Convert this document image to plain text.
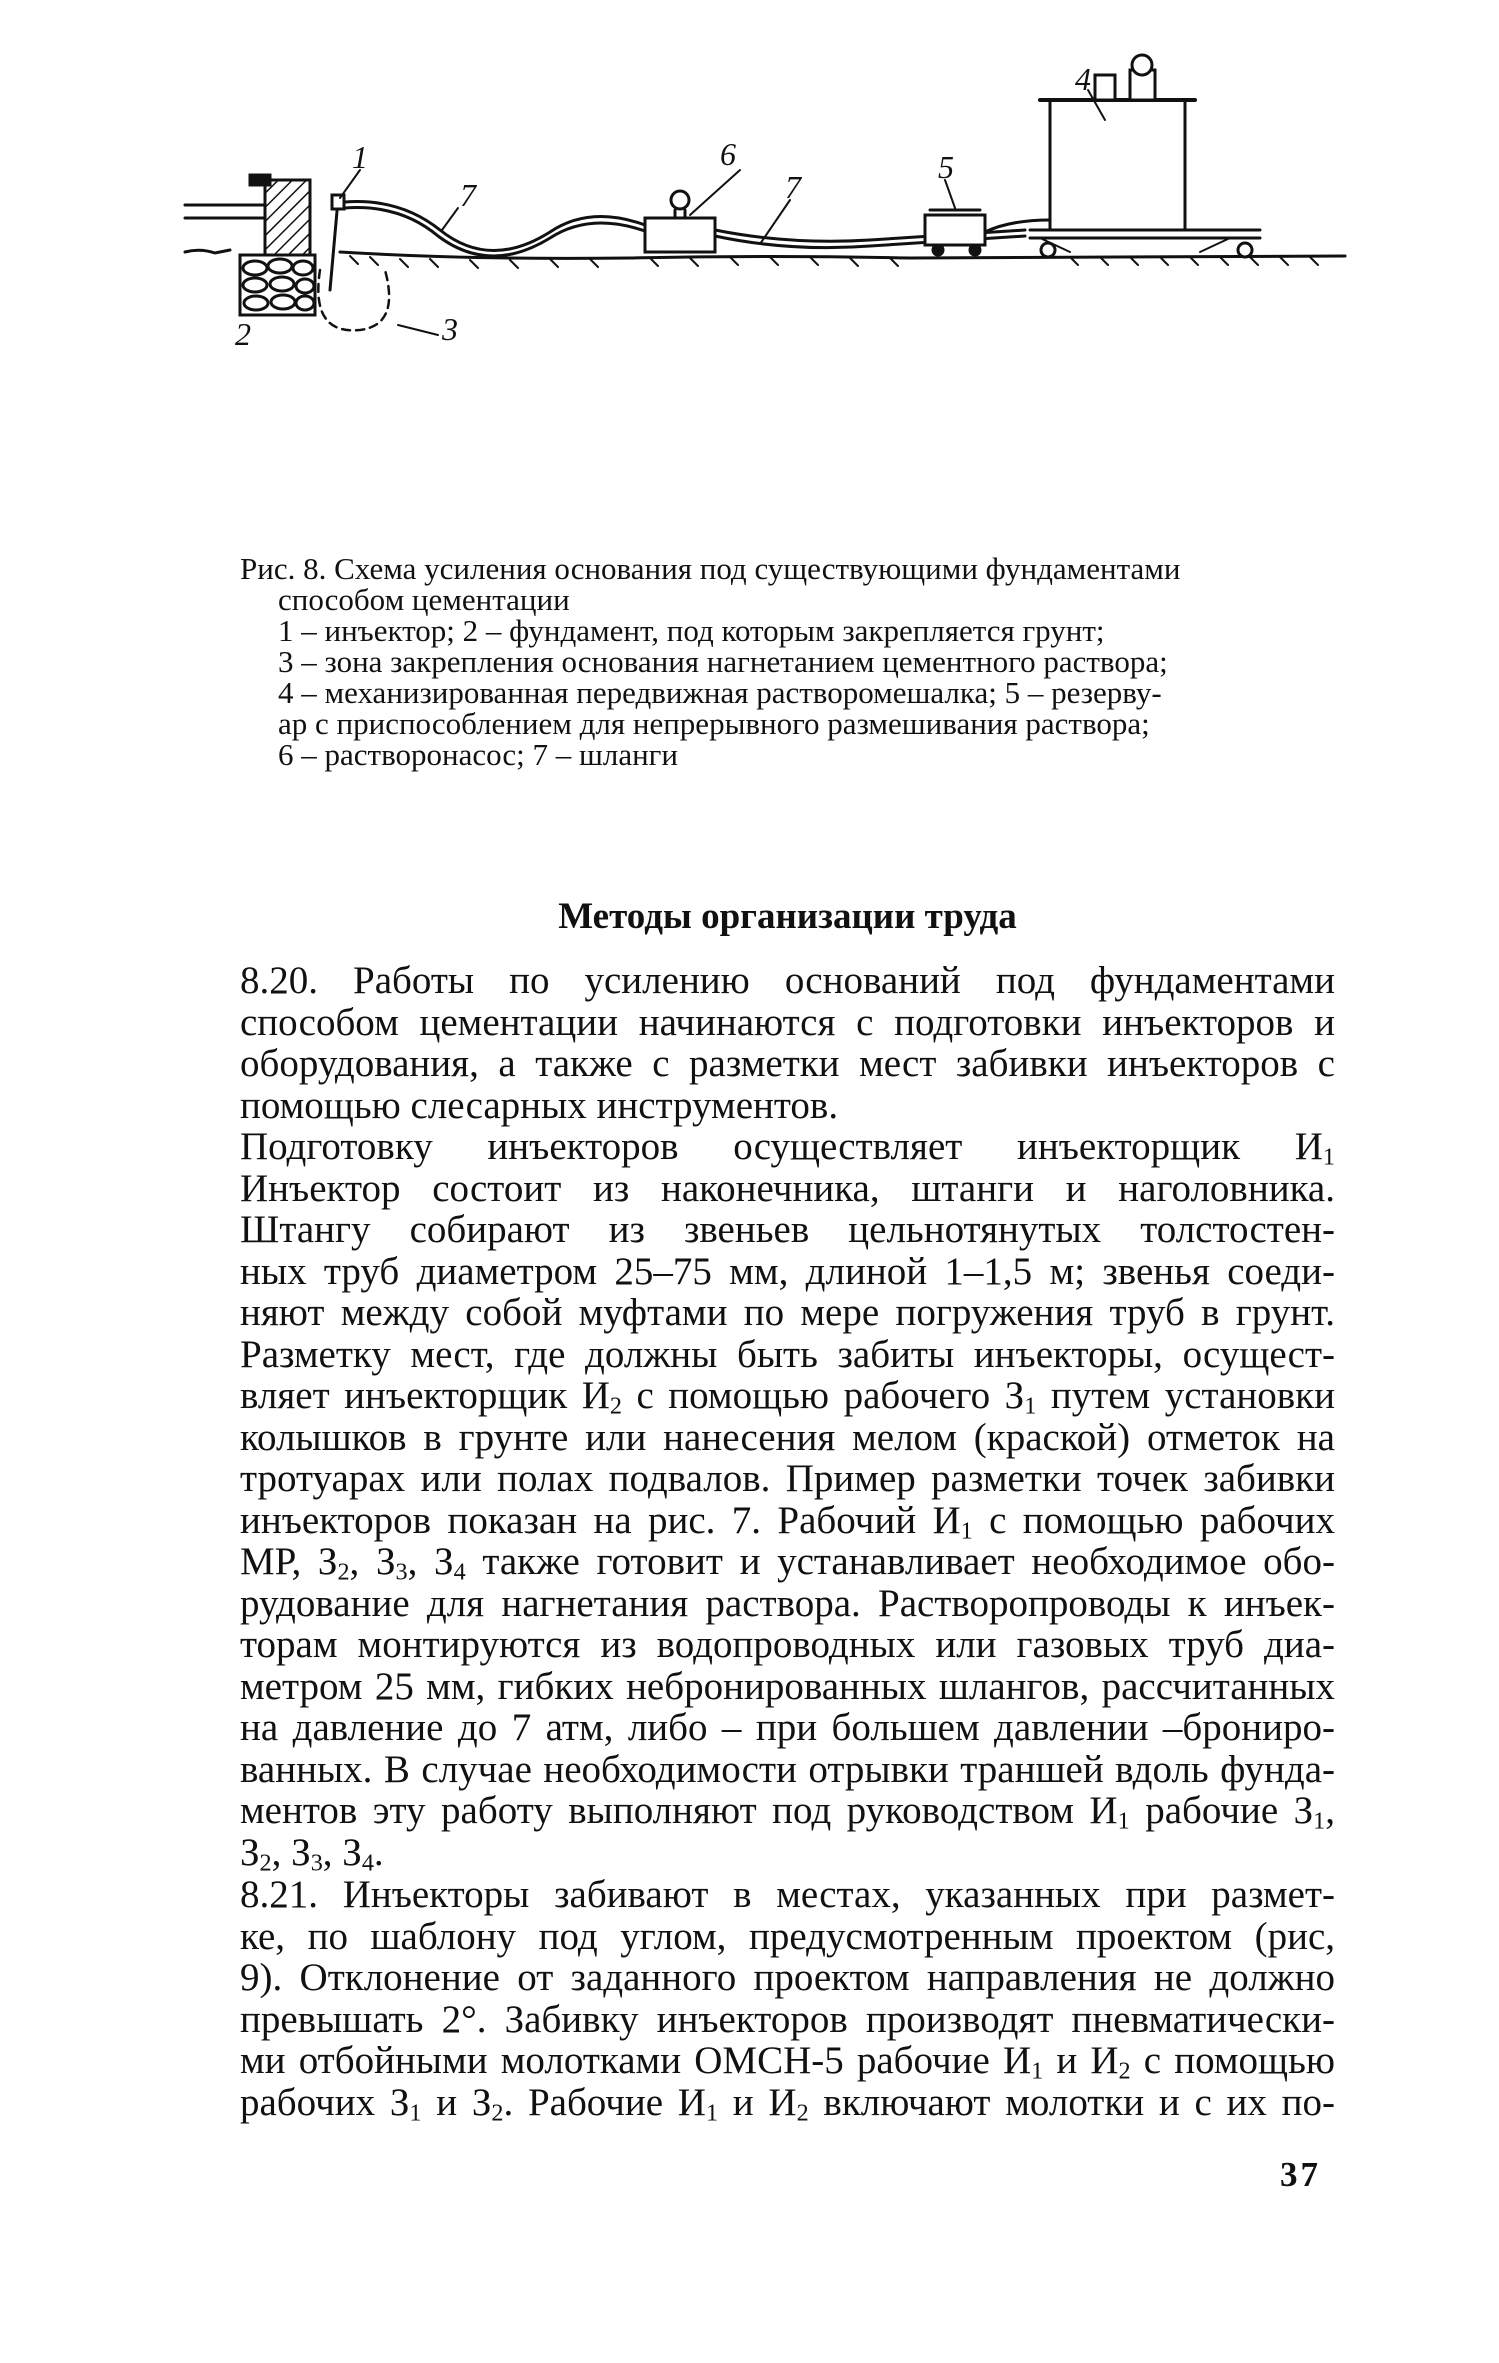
1
2	3
4
5
6
7	7
Рис. 8. Схема усиления основания под существующими фундаментами
способом цементации
1 – инъектор; 2 – фундамент, под которым закрепляется грунт;
3 – зона закрепления основания нагнетанием цементного раствора;
4 – механизированная передвижная растворомешалка; 5 – резерву-
ар с приспособлением для непрерывного размешивания раствора;
6 – растворонасос; 7 – шланги
Методы организации труда
8.20. Работы по усилению оснований под фундаментами
способом цементации начинаются с подготовки инъекторов и
оборудования, а также с разметки мест забивки инъекторов с
помощью слесарных инструментов.
Подготовку инъекторов осуществляет инъекторщик $И_1$
Инъектор состоит из наконечника, штанги и наголовника.
Штангу собирают из звеньев цельнотянутых толстостен-
ных труб диаметром 25–75 мм, длиной 1–1,5 м; звенья соеди-
няют между собой муфтами по мере погружения труб в грунт.
Разметку мест, где должны быть забиты инъекторы, осущест-
вляет инъекторщик $И_2$ с помощью рабочего $З_1$ путем установки
колышков в грунте или нанесения мелом (краской) отметок на
тротуарах или полах подвалов. Пример разметки точек забивки
инъекторов показан на рис. 7. Рабочий $И_1$ с помощью рабочих
МР, $З_2$, $З_3$, $З_4$ также готовит и устанавливает необходимое обо-
рудование для нагнетания раствора. Растворопроводы к инъек-
торам монтируются из водопроводных или газовых труб диа-
метром 25 мм, гибких небронированных шлангов, рассчитанных
на давление до 7 атм, либо – при большем давлении –брониро-
ванных. В случае необходимости отрывки траншей вдоль фунда-
ментов эту работу выполняют под руководством $И_1$ рабочие $З_1$,
$З_2$, $З_3$, $З_4$.
8.21. Инъекторы забивают в местах, указанных при размет-
ке, по шаблону под углом, предусмотренным проектом (рис,
9). Отклонение от заданного проектом направления не должно
превышать 2°. Забивку инъекторов производят пневматически-
ми отбойными молотками ОМСН-5 рабочие $И_1$ и $И_2$ с помощью
рабочих $З_1$ и $З_2$. Рабочие $И_1$ и $И_2$ включают молотки и с их по-
37
